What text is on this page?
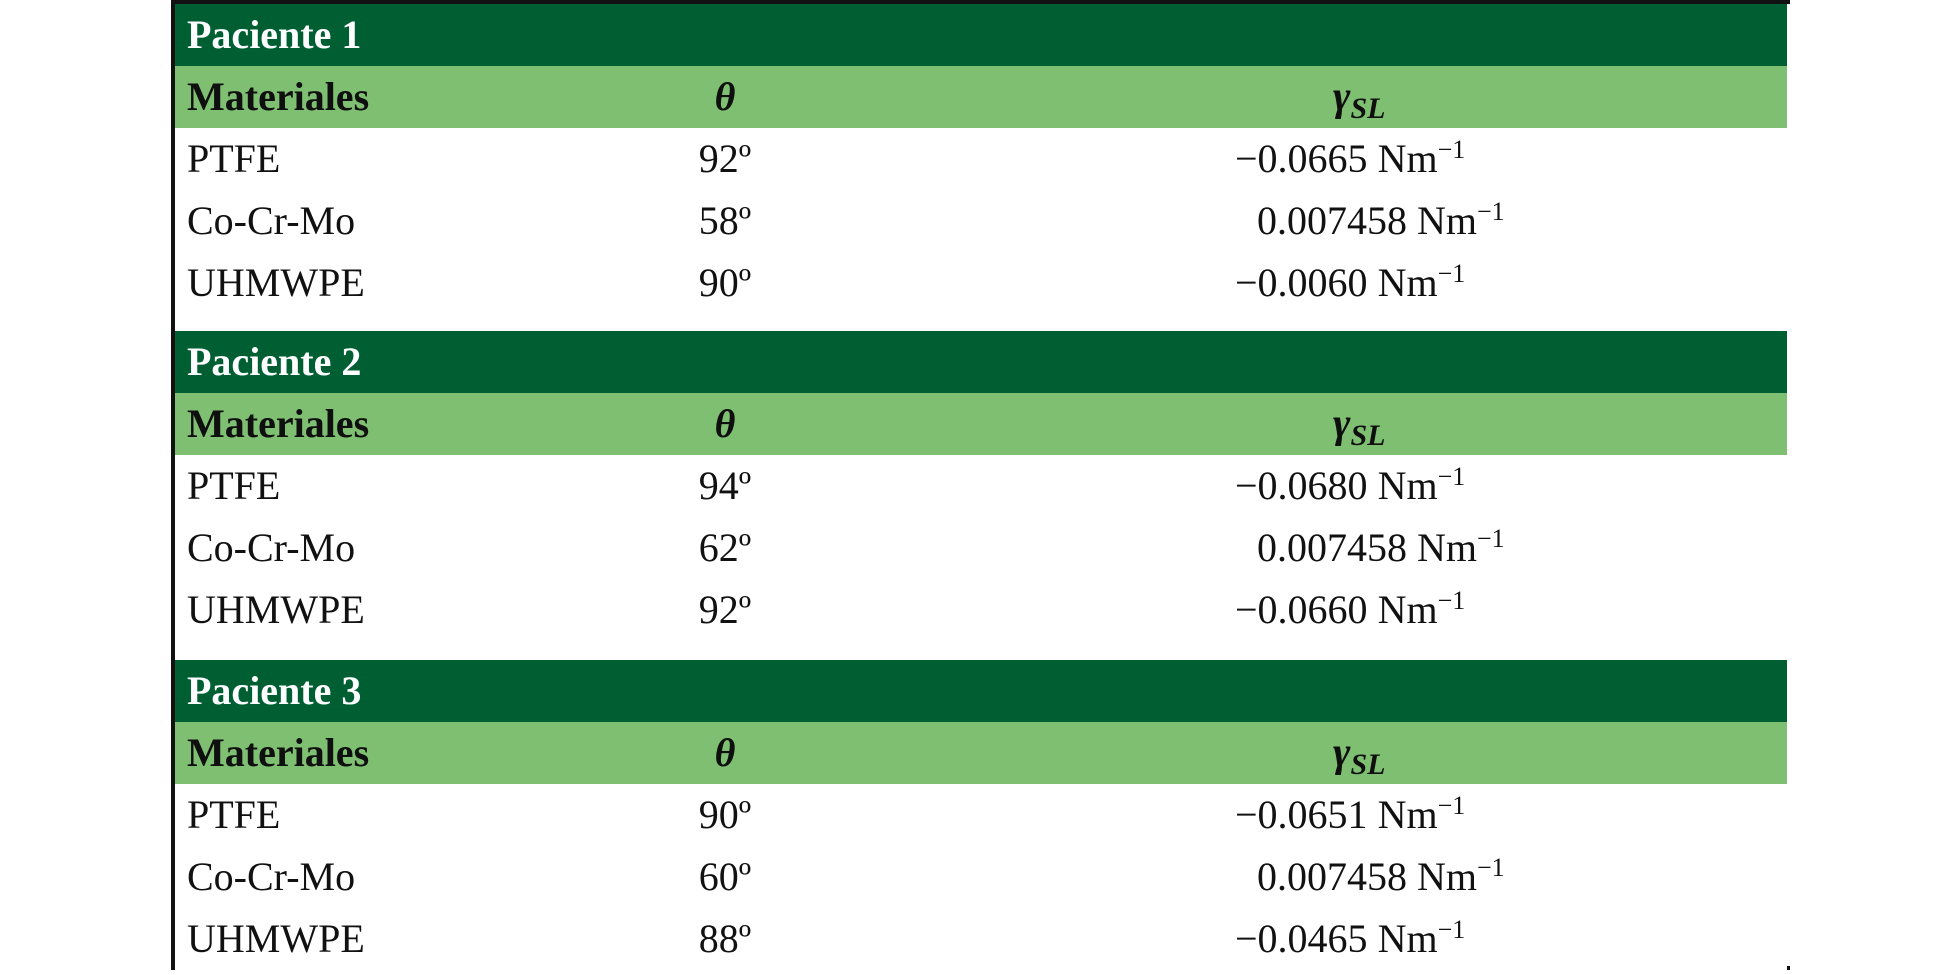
Paciente 1
Materiales	θ	$\gamma_{SL}$
PTFE	92º	−0.0665 $Nm^{-1}$
Co-Cr-Mo	58º	0.007458 $Nm^{-1}$
UHMWPE	90º	−0.0060 $Nm^{-1}$
Paciente 2
Materiales	θ	$\gamma_{SL}$
PTFE	94º	−0.0680 $Nm^{-1}$
Co-Cr-Mo	62º	0.007458 $Nm^{-1}$
UHMWPE	92º	−0.0660 $Nm^{-1}$
Paciente 3
Materiales	θ	$\gamma_{SL}$
PTFE	90º	−0.0651 $Nm^{-1}$
Co-Cr-Mo	60º	0.007458 $Nm^{-1}$
UHMWPE	88º	−0.0465 $Nm^{-1}$
